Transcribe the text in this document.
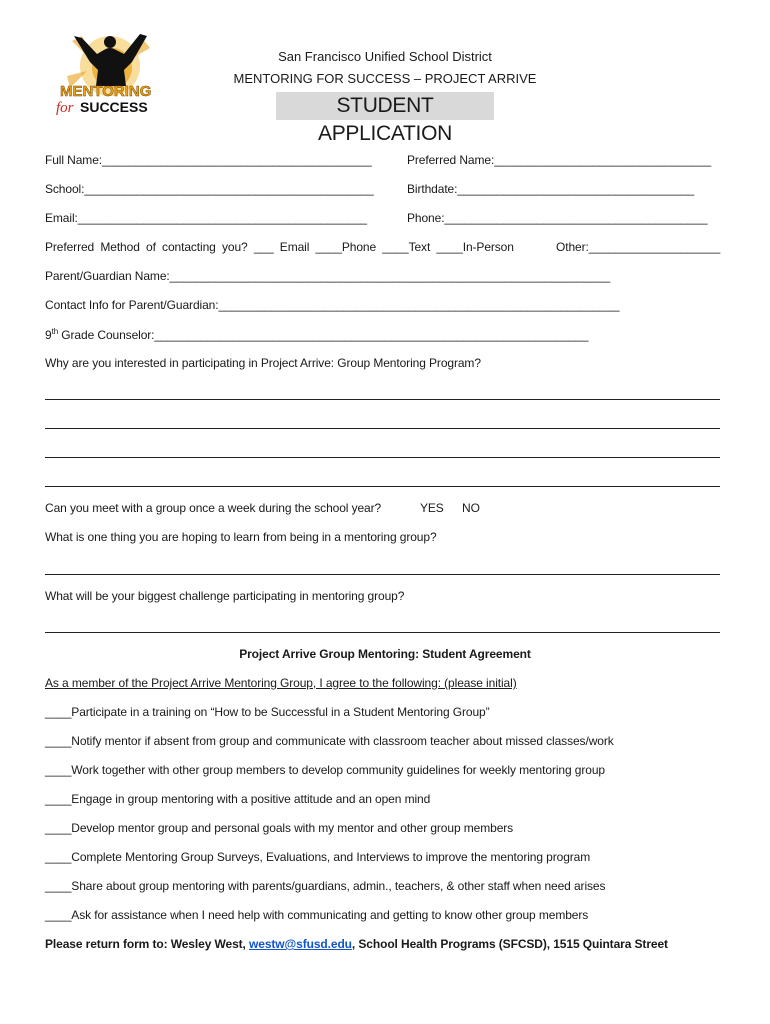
MENTORING
for SUCCESS
San Francisco Unified School District
MENTORING FOR SUCCESS – PROJECT ARRIVE
STUDENT APPLICATION
Full Name:_________________________________________	Preferred Name:_________________________________
School:____________________________________________	Birthdate:____________________________________
Email:____________________________________________	Phone:________________________________________
Preferred Method of contacting you? ___ Email ____Phone ____Text ____In-Person	Other:____________________
Parent/Guardian Name:___________________________________________________________________
Contact Info for Parent/Guardian:_____________________________________________________________
9th Grade Counselor:__________________________________________________________________
Why are you interested in participating in Project Arrive: Group Mentoring Program?
Can you meet with a group once a week during the school year?	YES NO
What is one thing you are hoping to learn from being in a mentoring group?
What will be your biggest challenge participating in mentoring group?
Project Arrive Group Mentoring: Student Agreement
As a member of the Project Arrive Mentoring Group, I agree to the following: (please initial)
____Participate in a training on “How to be Successful in a Student Mentoring Group”
____Notify mentor if absent from group and communicate with classroom teacher about missed classes/work
____Work together with other group members to develop community guidelines for weekly mentoring group
____Engage in group mentoring with a positive attitude and an open mind
____Develop mentor group and personal goals with my mentor and other group members
____Complete Mentoring Group Surveys, Evaluations, and Interviews to improve the mentoring program
____Share about group mentoring with parents/guardians, admin., teachers, & other staff when need arises
____Ask for assistance when I need help with communicating and getting to know other group members
Please return form to: Wesley West, westw@sfusd.edu, School Health Programs (SFCSD), 1515 Quintara Street
